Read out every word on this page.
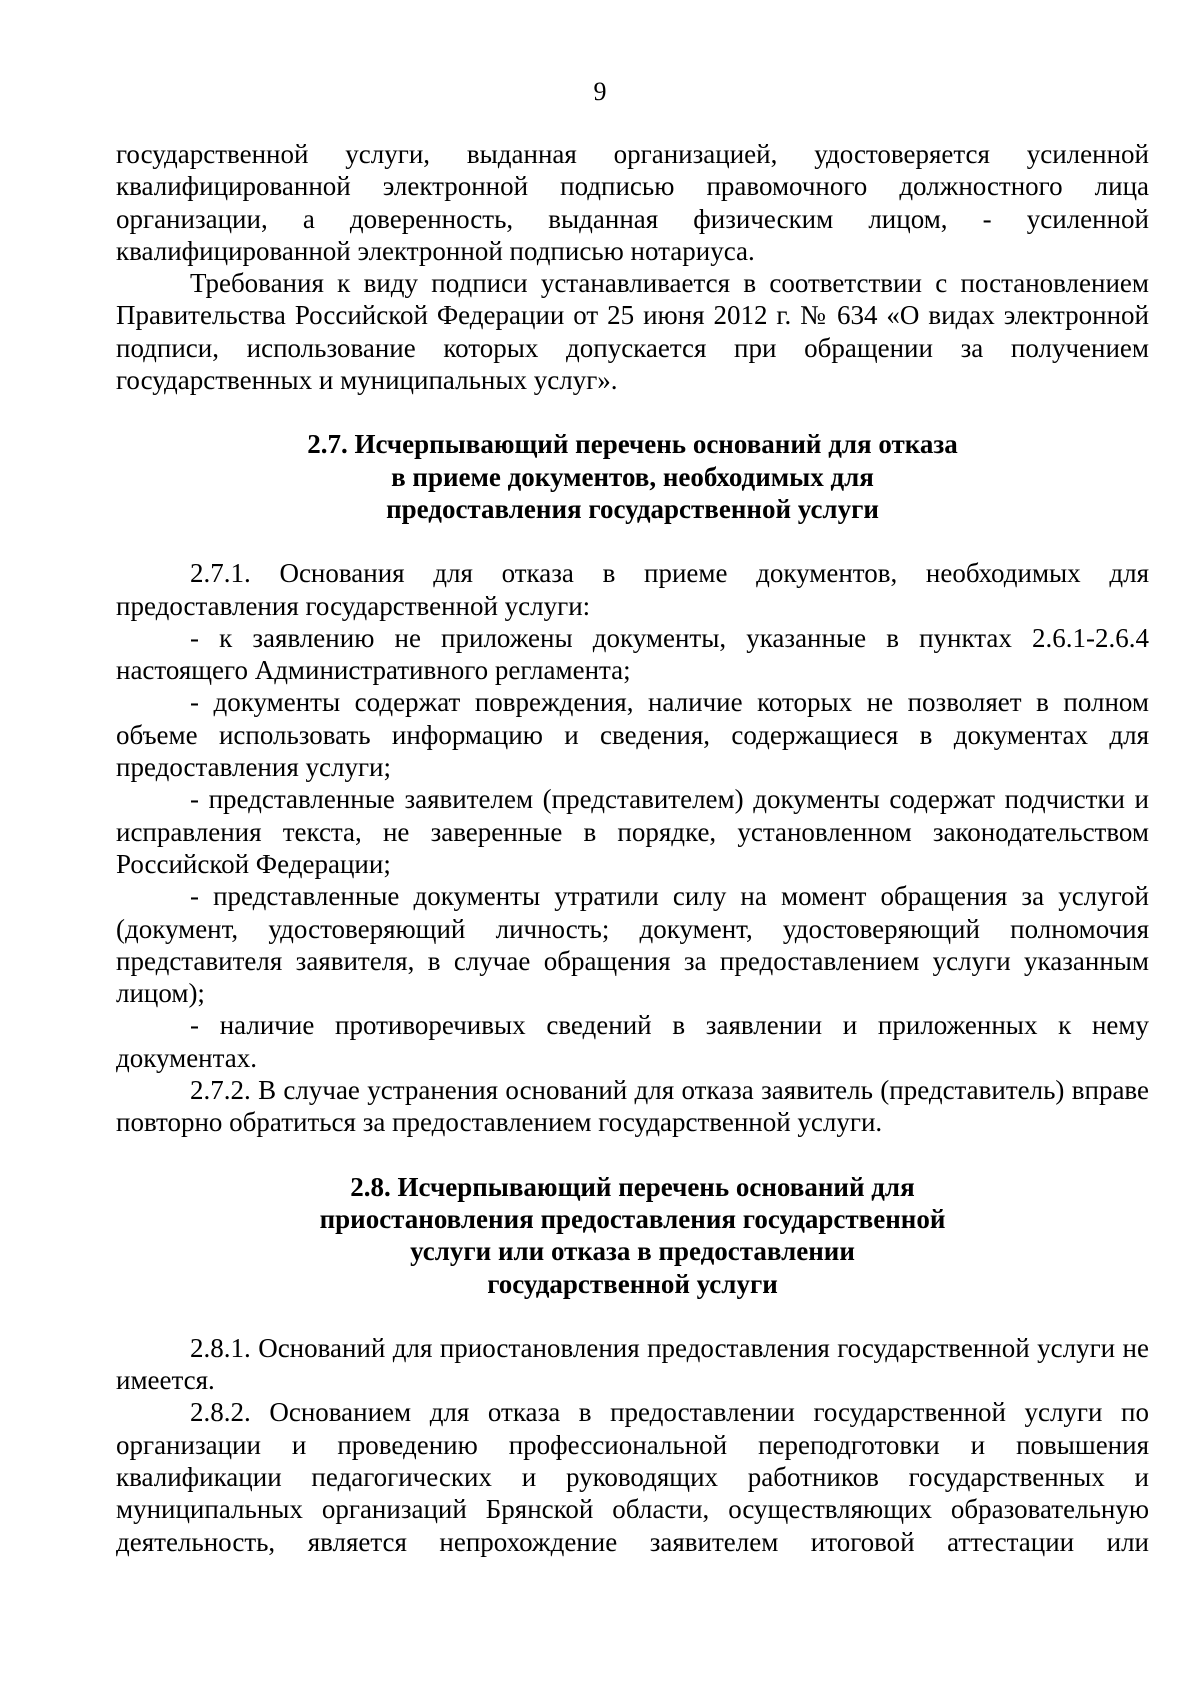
9

государственной услуги, выданная организацией, удостоверяется усиленной квалифицированной электронной подписью правомочного должностного лица организации, а доверенность, выданная физическим лицом, - усиленной квалифицированной электронной подписью нотариуса.

Требования к виду подписи устанавливается в соответствии с постановлением Правительства Российской Федерации от 25 июня 2012 г. № 634 «О видах электронной подписи, использование которых допускается при обращении за получением государственных и муниципальных услуг».

2.7. Исчерпывающий перечень оснований для отказа
в приеме документов, необходимых для
предоставления государственной услуги

2.7.1. Основания для отказа в приеме документов, необходимых для предоставления государственной услуги:

- к заявлению не приложены документы, указанные в пунктах 2.6.1-2.6.4 настоящего Административного регламента;

- документы содержат повреждения, наличие которых не позволяет в полном объеме использовать информацию и сведения, содержащиеся в документах для предоставления услуги;

- представленные заявителем (представителем) документы содержат подчистки и исправления текста, не заверенные в порядке, установленном законодательством Российской Федерации;

- представленные документы утратили силу на момент обращения за услугой (документ, удостоверяющий личность; документ, удостоверяющий полномочия представителя заявителя, в случае обращения за предоставлением услуги указанным лицом);

- наличие противоречивых сведений в заявлении и приложенных к нему документах.

2.7.2. В случае устранения оснований для отказа заявитель (представитель) вправе повторно обратиться за предоставлением государственной услуги.

2.8. Исчерпывающий перечень оснований для
приостановления предоставления государственной
услуги или отказа в предоставлении
государственной услуги

2.8.1. Оснований для приостановления предоставления государственной услуги не имеется.

2.8.2. Основанием для отказа в предоставлении государственной услуги по организации и проведению профессиональной переподготовки и повышения квалификации педагогических и руководящих работников государственных и муниципальных организаций Брянской области, осуществляющих образовательную деятельность, является непрохождение заявителем итоговой аттестации или
